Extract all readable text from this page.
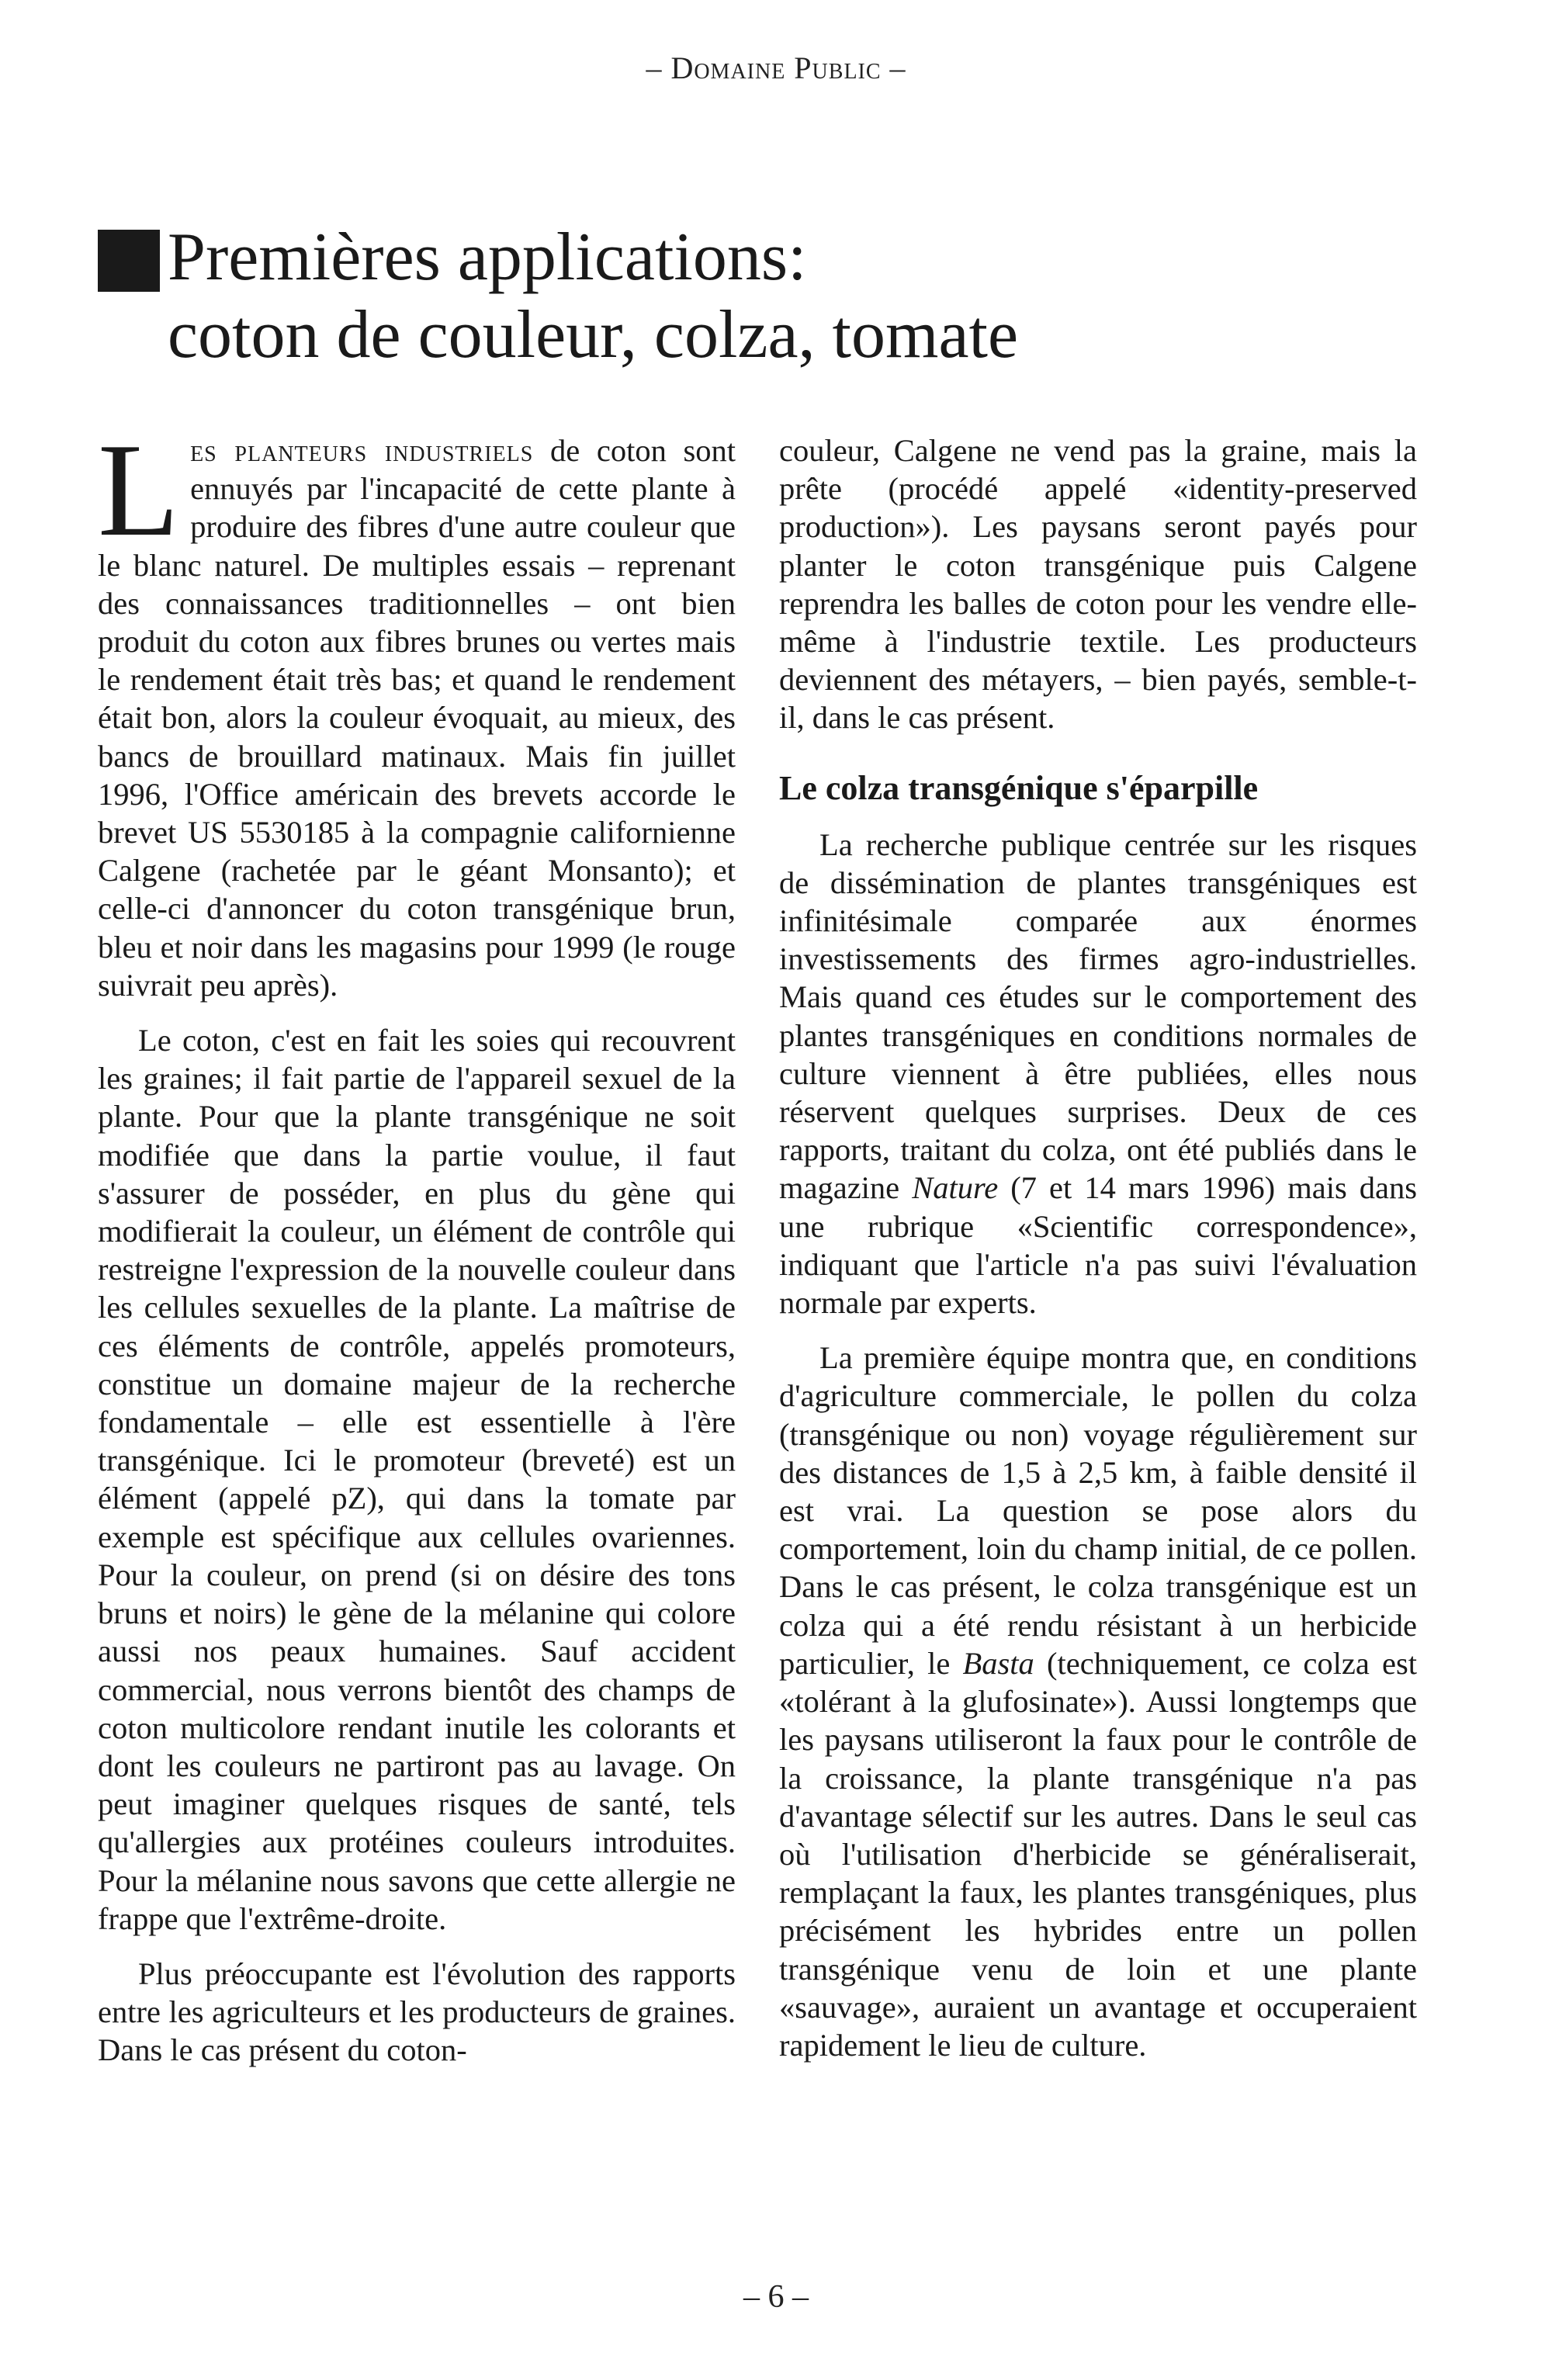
– Domaine Public –
Premières applications:
coton de couleur, colza, tomate

Les planteurs industriels de coton sont ennuyés par l'incapacité de cette plante à produire des fibres d'une autre couleur que le blanc naturel. De multiples essais – reprenant des connaissances traditionnelles – ont bien produit du coton aux fibres brunes ou vertes mais le rendement était très bas; et quand le rendement était bon, alors la couleur évoquait, au mieux, des bancs de brouillard matinaux. Mais fin juillet 1996, l'Office américain des brevets accorde le brevet US 5530185 à la compagnie californienne Calgene (rachetée par le géant Monsanto); et celle-ci d'annoncer du coton transgénique brun, bleu et noir dans les magasins pour 1999 (le rouge suivrait peu après).

Le coton, c'est en fait les soies qui recouvrent les graines; il fait partie de l'appareil sexuel de la plante. Pour que la plante transgénique ne soit modifiée que dans la partie voulue, il faut s'assurer de posséder, en plus du gène qui modifierait la couleur, un élément de contrôle qui restreigne l'expression de la nouvelle couleur dans les cellules sexuelles de la plante. La maîtrise de ces éléments de contrôle, appelés promoteurs, constitue un domaine majeur de la recherche fondamentale – elle est essentielle à l'ère transgénique. Ici le promoteur (breveté) est un élément (appelé pZ), qui dans la tomate par exemple est spécifique aux cellules ovariennes. Pour la couleur, on prend (si on désire des tons bruns et noirs) le gène de la mélanine qui colore aussi nos peaux humaines. Sauf accident commercial, nous verrons bientôt des champs de coton multicolore rendant inutile les colorants et dont les couleurs ne partiront pas au lavage. On peut imaginer quelques risques de santé, tels qu'allergies aux protéines couleurs introduites. Pour la mélanine nous savons que cette allergie ne frappe que l'extrême-droite.

Plus préoccupante est l'évolution des rapports entre les agriculteurs et les producteurs de graines. Dans le cas présent du coton-

couleur, Calgene ne vend pas la graine, mais la prête (procédé appelé «identity-preserved production»). Les paysans seront payés pour planter le coton transgénique puis Calgene reprendra les balles de coton pour les vendre elle-même à l'industrie textile. Les producteurs deviennent des métayers, – bien payés, semble-t-il, dans le cas présent.

Le colza transgénique s'éparpille

La recherche publique centrée sur les risques de dissémination de plantes transgéniques est infinitésimale comparée aux énormes investissements des firmes agro-industrielles. Mais quand ces études sur le comportement des plantes transgéniques en conditions normales de culture viennent à être publiées, elles nous réservent quelques surprises. Deux de ces rapports, traitant du colza, ont été publiés dans le magazine Nature (7 et 14 mars 1996) mais dans une rubrique «Scientific correspondence», indiquant que l'article n'a pas suivi l'évaluation normale par experts.

La première équipe montra que, en conditions d'agriculture commerciale, le pollen du colza (transgénique ou non) voyage régulièrement sur des distances de 1,5 à 2,5 km, à faible densité il est vrai. La question se pose alors du comportement, loin du champ initial, de ce pollen. Dans le cas présent, le colza transgénique est un colza qui a été rendu résistant à un herbicide particulier, le Basta (techniquement, ce colza est «tolérant à la glufosinate»). Aussi longtemps que les paysans utiliseront la faux pour le contrôle de la croissance, la plante transgénique n'a pas d'avantage sélectif sur les autres. Dans le seul cas où l'utilisation d'herbicide se généraliserait, remplaçant la faux, les plantes transgéniques, plus précisément les hybrides entre un pollen transgénique venu de loin et une plante «sauvage», auraient un avantage et occuperaient rapidement le lieu de culture.

– 6 –
